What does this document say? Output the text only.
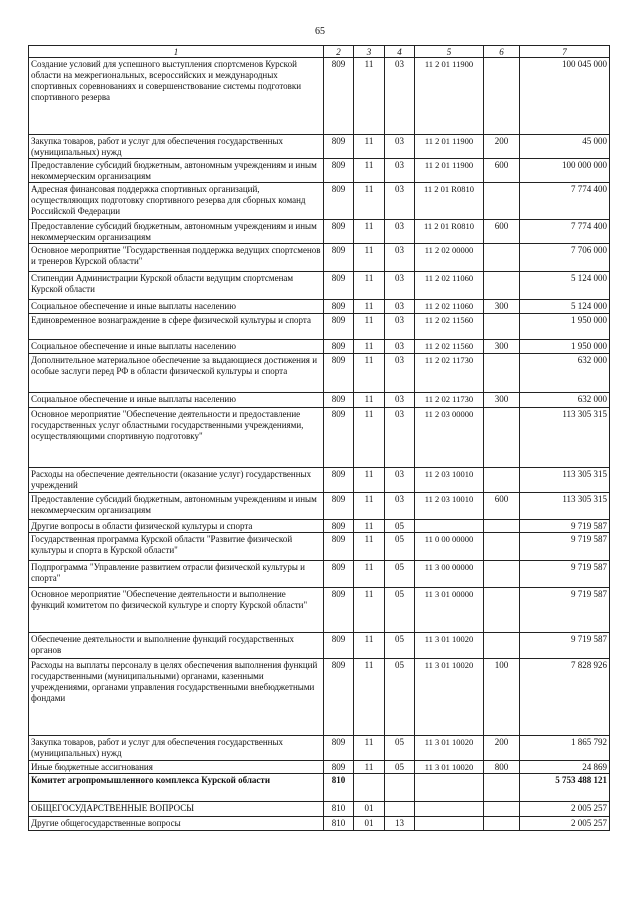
65
1	2	3	4	5	6	7
Создание условий для успешного выступления спортсменов Курской области на межрегиональных, всероссийских и международных спортивных соревнованиях и совершенствование системы подготовки спортивного резерва	809	11	03	11 2 01 11900		100 045 000
Закупка товаров, работ и услуг для обеспечения государственных (муниципальных) нужд	809	11	03	11 2 01 11900	200	45 000
Предоставление субсидий бюджетным, автономным учреждениям и иным некоммерческим организациям	809	11	03	11 2 01 11900	600	100 000 000
Адресная финансовая поддержка спортивных организаций, осуществляющих подготовку спортивного резерва для сборных команд Российской Федерации	809	11	03	11 2 01 R0810		7 774 400
Предоставление субсидий бюджетным, автономным учреждениям и иным некоммерческим организациям	809	11	03	11 2 01 R0810	600	7 774 400
Основное мероприятие "Государственная поддержка ведущих спортсменов и тренеров Курской области"	809	11	03	11 2 02 00000		7 706 000
Стипендии Администрации Курской области ведущим спортсменам Курской области	809	11	03	11 2 02 11060		5 124 000
Социальное обеспечение и иные выплаты населению	809	11	03	11 2 02 11060	300	5 124 000
Единовременное вознаграждение в сфере физической культуры и спорта	809	11	03	11 2 02 11560		1 950 000
Социальное обеспечение и иные выплаты населению	809	11	03	11 2 02 11560	300	1 950 000
Дополнительное материальное обеспечение за выдающиеся достижения и особые заслуги перед РФ в области физической культуры и спорта	809	11	03	11 2 02 11730		632 000
Социальное обеспечение и иные выплаты населению	809	11	03	11 2 02 11730	300	632 000
Основное мероприятие "Обеспечение деятельности и предоставление государственных услуг областными государственными учреждениями, осуществляющими спортивную подготовку"	809	11	03	11 2 03 00000		113 305 315
Расходы на обеспечение деятельности (оказание услуг) государственных учреждений	809	11	03	11 2 03 10010		113 305 315
Предоставление субсидий бюджетным, автономным учреждениям и иным некоммерческим организациям	809	11	03	11 2 03 10010	600	113 305 315
Другие вопросы в области физической культуры и спорта	809	11	05			9 719 587
Государственная программа Курской области "Развитие физической культуры и спорта в Курской области"	809	11	05	11 0 00 00000		9 719 587
Подпрограмма "Управление развитием отрасли физической культуры и спорта"	809	11	05	11 3 00 00000		9 719 587
Основное мероприятие "Обеспечение деятельности и выполнение функций комитетом по физической культуре и спорту Курской области"	809	11	05	11 3 01 00000		9 719 587
Обеспечение деятельности и выполнение функций государственных органов	809	11	05	11 3 01 10020		9 719 587
Расходы на выплаты персоналу в целях обеспечения выполнения функций государственными (муниципальными) органами, казенными учреждениями, органами управления государственными внебюджетными фондами	809	11	05	11 3 01 10020	100	7 828 926
Закупка товаров, работ и услуг для обеспечения государственных (муниципальных) нужд	809	11	05	11 3 01 10020	200	1 865 792
Иные бюджетные ассигнования	809	11	05	11 3 01 10020	800	24 869
Комитет агропромышленного комплекса Курской области	810					5 753 488 121
ОБЩЕГОСУДАРСТВЕННЫЕ ВОПРОСЫ	810	01				2 005 257
Другие общегосударственные вопросы	810	01	13			2 005 257
